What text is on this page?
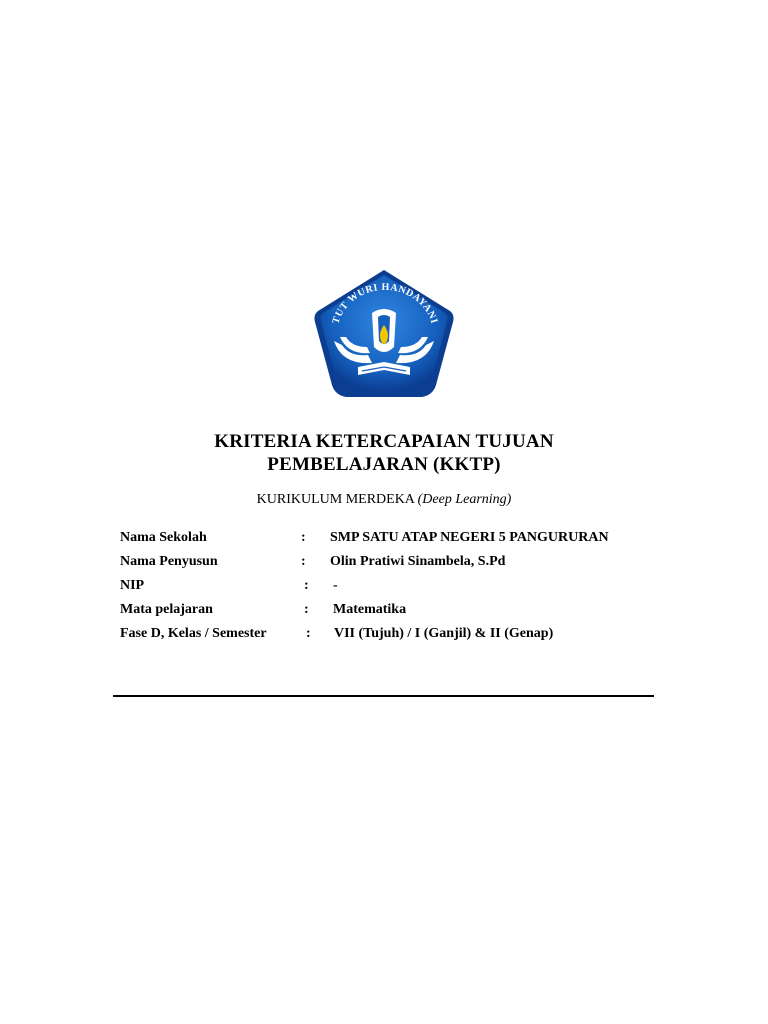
TUT WURI HANDAYANI
KRITERIA KETERCAPAIAN TUJUAN
PEMBELAJARAN (KKTP)
KURIKULUM MERDEKA (Deep Learning)
Nama Sekolah	: SMP SATU ATAP NEGERI 5 PANGURURAN
Nama Penyusun	: Olin Pratiwi Sinambela, S.Pd
NIP	: -
Mata pelajaran	: Matematika
Fase D, Kelas / Semester	: VII (Tujuh) / I (Ganjil) & II (Genap)
